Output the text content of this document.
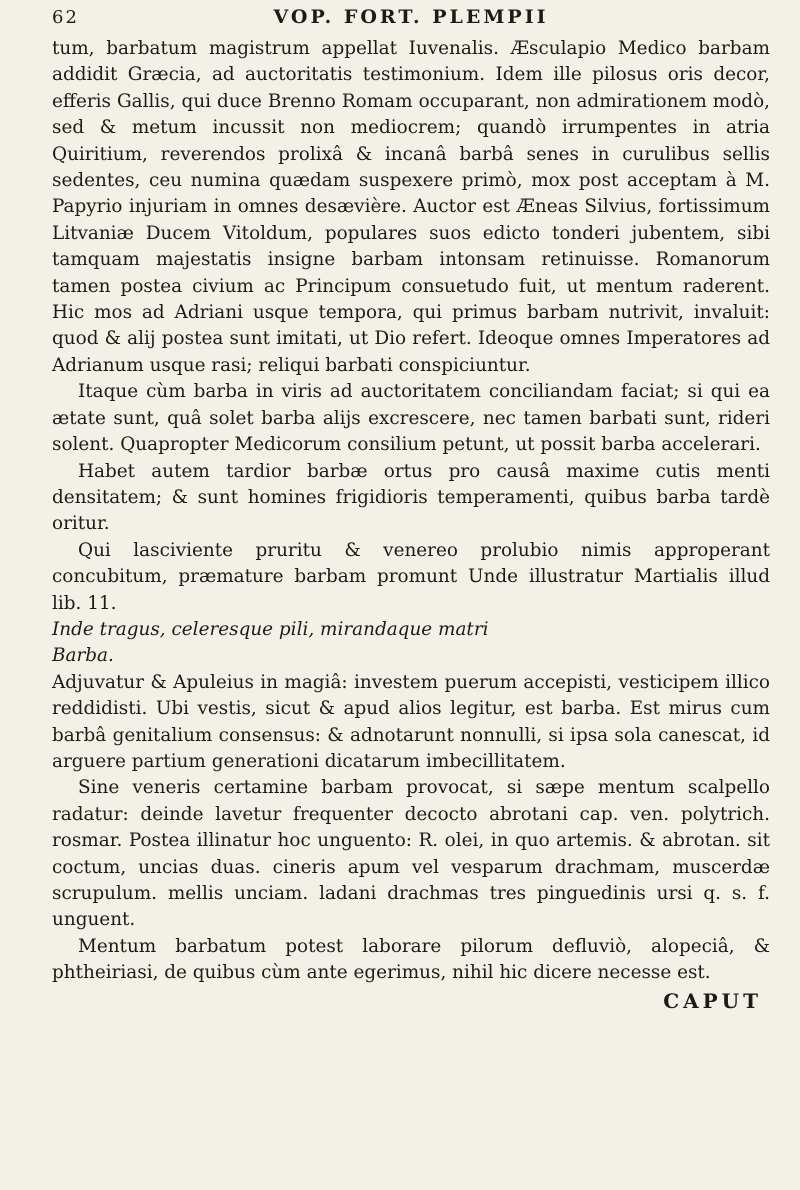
62	VOP. FORT. PLEMPII

tum, barbatum magistrum appellat Iuvenalis. Æsculapio Medico barbam addidit Græcia, ad auctoritatis testimonium. Idem ille pilosus oris decor, efferis Gallis, qui duce Brenno Romam occuparant, non admirationem modò, sed & metum incussit non mediocrem; quandò irrumpentes in atria Quiritium, reverendos prolixâ & incanâ barbâ senes in curulibus sellis sedentes, ceu numina quædam suspexere primò, mox post acceptam à M. Papyrio injuriam in omnes desævière. Auctor est Æneas Silvius, fortissimum Litvaniæ Ducem Vitoldum, populares suos edicto tonderi jubentem, sibi tamquam majestatis insigne barbam intonsam retinuisse. Romanorum tamen postea civium ac Principum consuetudo fuit, ut mentum raderent. Hic mos ad Adriani usque tempora, qui primus barbam nutrivit, invaluit: quod & alij postea sunt imitati, ut Dio refert. Ideoque omnes Imperatores ad Adrianum usque rasi; reliqui barbati conspiciuntur.

Itaque cùm barba in viris ad auctoritatem conciliandam faciat; si qui ea ætate sunt, quâ solet barba alijs excrescere, nec tamen barbati sunt, rideri solent. Quapropter Medicorum consilium petunt, ut possit barba accelerari.

Habet autem tardior barbæ ortus pro causâ maxime cutis menti densitatem; & sunt homines frigidioris temperamenti, quibus barba tardè oritur.

Qui lasciviente pruritu & venereo prolubio nimis approperant concubitum, præmature barbam promunt Unde illustratur Martialis illud lib. 11.

Inde tragus, celeresque pili, mirandaque matri

Barba.

Adjuvatur & Apuleius in magiâ: investem puerum accepisti, vesticipem illico reddidisti. Ubi vestis, sicut & apud alios legitur, est barba. Est mirus cum barbâ genitalium consensus: & adnotarunt nonnulli, si ipsa sola canescat, id arguere partium generationi dicatarum imbecillitatem.

Sine veneris certamine barbam provocat, si sæpe mentum scalpello radatur: deinde lavetur frequenter decocto abrotani cap. ven. polytrich. rosmar. Postea illinatur hoc unguento: R. olei, in quo artemis. & abrotan. sit coctum, uncias duas. cineris apum vel vesparum drachmam, muscerdæ scrupulum. mellis unciam. ladani drachmas tres pinguedinis ursi q. s. f. unguent.

Mentum barbatum potest laborare pilorum defluviò, alopeciâ, & phtheiriasi, de quibus cùm ante egerimus, nihil hic dicere necesse est.

CAPUT
